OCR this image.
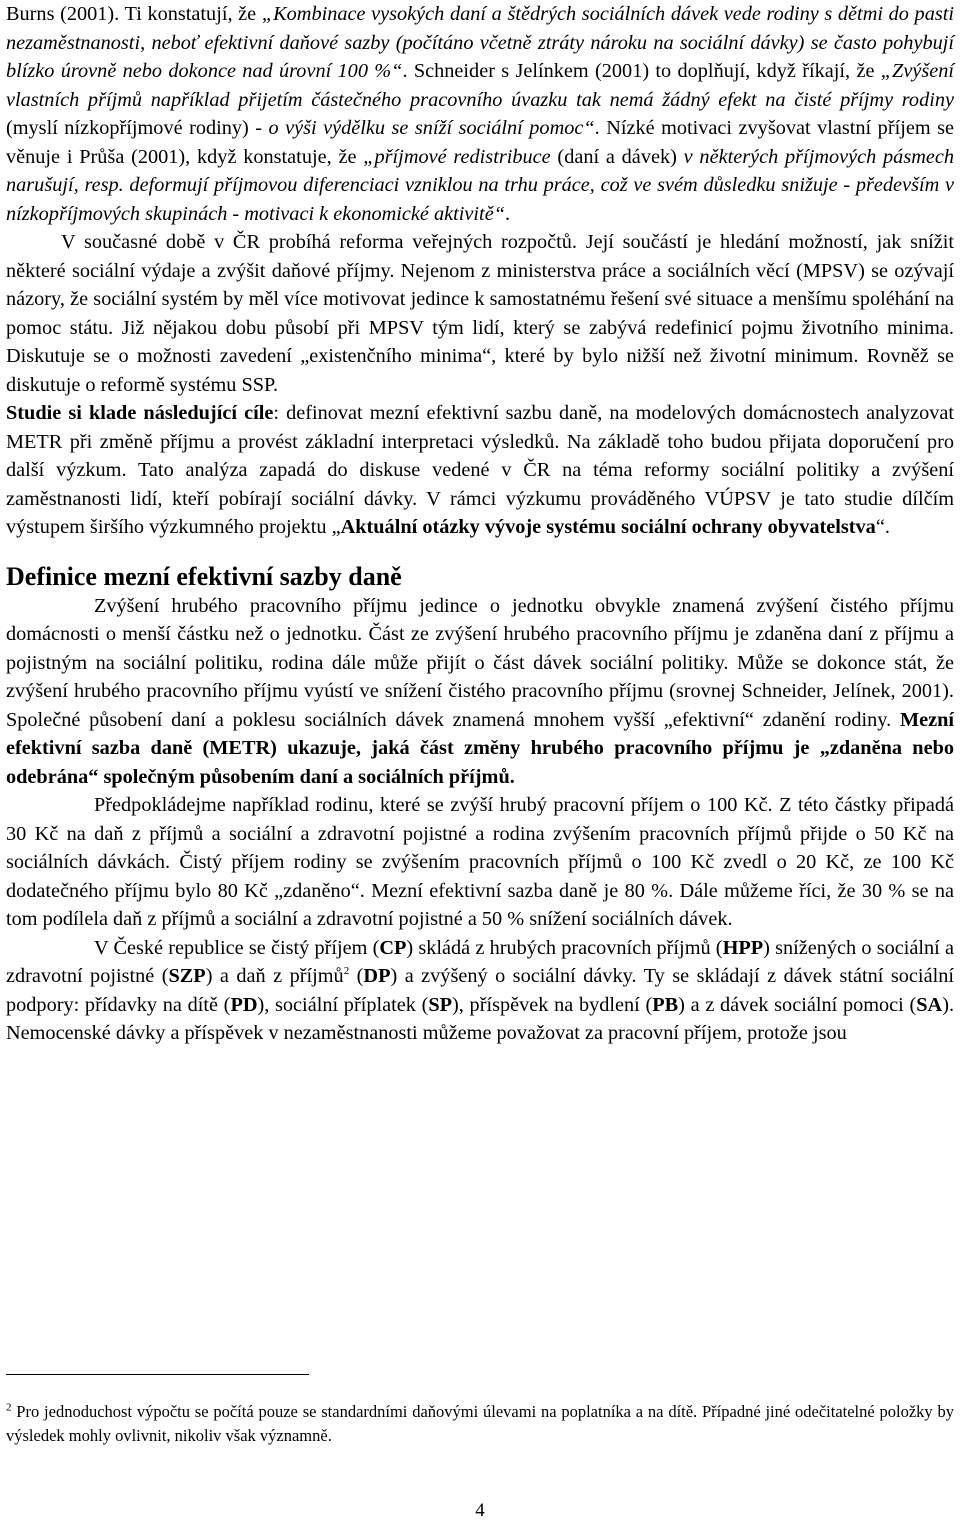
Burns (2001). Ti konstatují, že „Kombinace vysokých daní a štědrých sociálních dávek vede rodiny s dětmi do pasti nezaměstnanosti, neboť efektivní daňové sazby (počítáno včetně ztráty nároku na sociální dávky) se často pohybují blízko úrovně nebo dokonce nad úrovní 100 %“. Schneider s Jelínkem (2001) to doplňují, když říkají, že „Zvýšení vlastních příjmů například přijetím částečného pracovního úvazku tak nemá žádný efekt na čisté příjmy rodiny (myslí nízkopříjmové rodiny) - o výši výdělku se sníží sociální pomoc“. Nízké motivaci zvyšovat vlastní příjem se věnuje i Průša (2001), když konstatuje, že „příjmové redistribuce (daní a dávek) v některých příjmových pásmech narušují, resp. deformují příjmovou diferenciaci vzniklou na trhu práce, což ve svém důsledku snižuje - především v nízkopříjmových skupinách - motivaci k ekonomické aktivitě“.

V současné době v ČR probíhá reforma veřejných rozpočtů. Její součástí je hledání možností, jak snížit některé sociální výdaje a zvýšit daňové příjmy. Nejenom z ministerstva práce a sociálních věcí (MPSV) se ozývají názory, že sociální systém by měl více motivovat jedince k samostatnému řešení své situace a menšímu spoléhání na pomoc státu. Již nějakou dobu působí při MPSV tým lidí, který se zabývá redefinicí pojmu životního minima. Diskutuje se o možnosti zavedení „existenčního minima“, které by bylo nižší než životní minimum. Rovněž se diskutuje o reformě systému SSP.

Studie si klade následující cíle: definovat mezní efektivní sazbu daně, na modelových domácnostech analyzovat METR při změně příjmu a provést základní interpretaci výsledků. Na základě toho budou přijata doporučení pro další výzkum. Tato analýza zapadá do diskuse vedené v ČR na téma reformy sociální politiky a zvýšení zaměstnanosti lidí, kteří pobírají sociální dávky. V rámci výzkumu prováděného VÚPSV je tato studie dílčím výstupem širšího výzkumného projektu „Aktuální otázky vývoje systému sociální ochrany obyvatelstva“.

Definice mezní efektivní sazby daně

Zvýšení hrubého pracovního příjmu jedince o jednotku obvykle znamená zvýšení čistého příjmu domácnosti o menší částku než o jednotku. Část ze zvýšení hrubého pracovního příjmu je zdaněna daní z příjmu a pojistným na sociální politiku, rodina dále může přijít o část dávek sociální politiky. Může se dokonce stát, že zvýšení hrubého pracovního příjmu vyústí ve snížení čistého pracovního příjmu (srovnej Schneider, Jelínek, 2001). Společné působení daní a poklesu sociálních dávek znamená mnohem vyšší „efektivní“ zdanění rodiny. Mezní efektivní sazba daně (METR) ukazuje, jaká část změny hrubého pracovního příjmu je „zdaněna nebo odebrána“ společným působením daní a sociálních příjmů.

Předpokládejme například rodinu, které se zvýší hrubý pracovní příjem o 100 Kč. Z této částky připadá 30 Kč na daň z příjmů a sociální a zdravotní pojistné a rodina zvýšením pracovních příjmů přijde o 50 Kč na sociálních dávkách. Čistý příjem rodiny se zvýšením pracovních příjmů o 100 Kč zvedl o 20 Kč, ze 100 Kč dodatečného příjmu bylo 80 Kč „zdaněno“. Mezní efektivní sazba daně je 80 %. Dále můžeme říci, že 30 % se na tom podílela daň z příjmů a sociální a zdravotní pojistné a 50 % snížení sociálních dávek.

V České republice se čistý příjem (CP) skládá z hrubých pracovních příjmů (HPP) snížených o sociální a zdravotní pojistné (SZP) a daň z příjmů$^2$ (DP) a zvýšený o sociální dávky. Ty se skládají z dávek státní sociální podpory: přídavky na dítě (PD), sociální příplatek (SP), příspěvek na bydlení (PB) a z dávek sociální pomoci (SA). Nemocenské dávky a příspěvek v nezaměstnanosti můžeme považovat za pracovní příjem, protože jsou

$^2$ Pro jednoduchost výpočtu se počítá pouze se standardními daňovými úlevami na poplatníka a na dítě. Případné jiné odečitatelné položky by výsledek mohly ovlivnit, nikoliv však významně.

4
